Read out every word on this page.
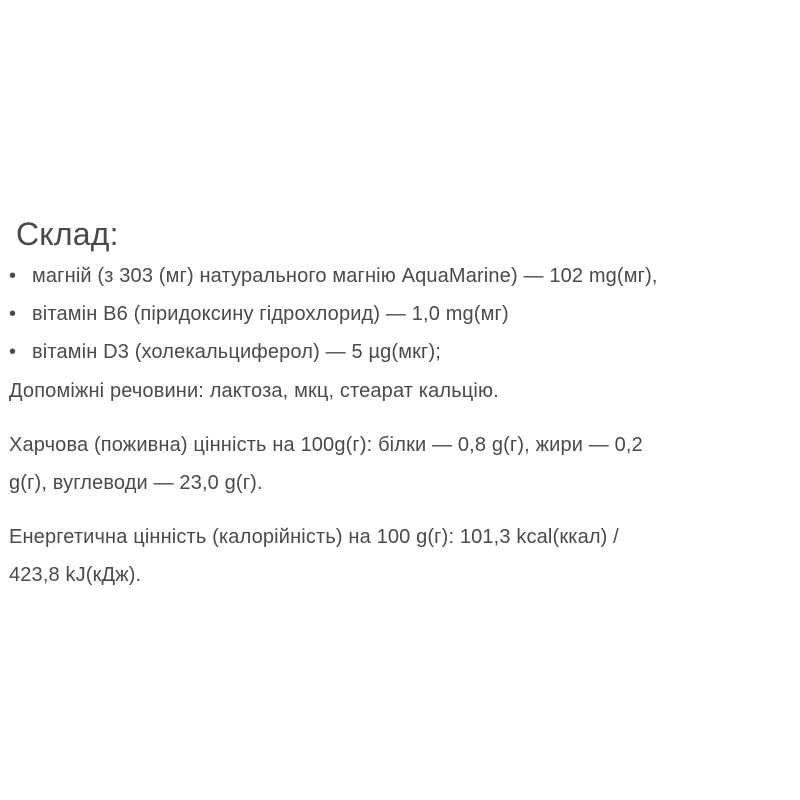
Склад:
• магній (з 303 (мг) натурального магнію AquaMarine) — 102 mg(мг),
• вітамін В6 (піридоксину гідрохлорид) — 1,0 mg(мг)
• вітамін D3 (холекальциферол) — 5 µg(мкг);
Допоміжні речовини: лактоза, мкц, стеарат кальцію.
Харчова (поживна) цінність на 100g(г): білки — 0,8 g(г), жири — 0,2
g(г), вуглеводи — 23,0 g(г).
Енергетична цінність (калорійність) на 100 g(г): 101,3 kcal(ккал) /
423,8 kJ(кДж).
